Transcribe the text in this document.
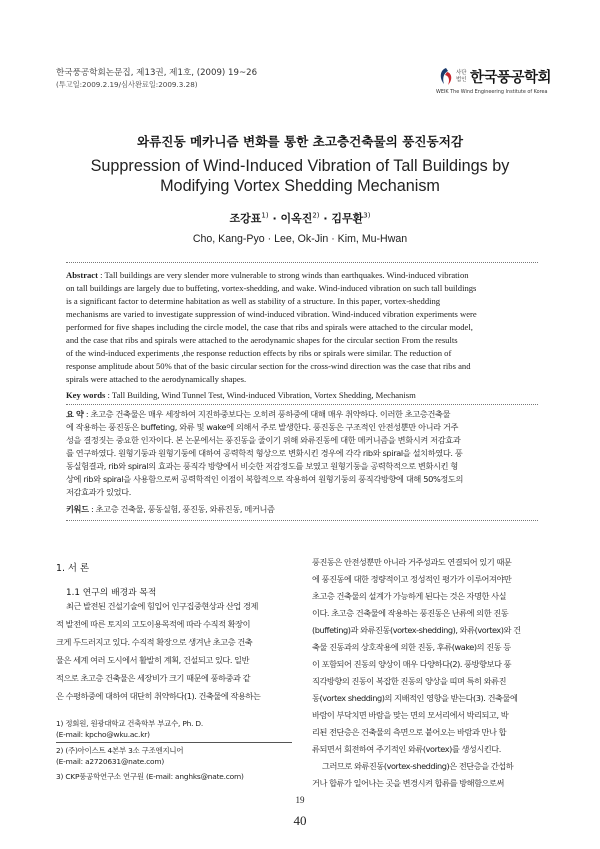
한국풍공학회논문집, 제13권, 제1호, (2009) 19~26
(투고일:2009.2.19/심사완료일:2009.3.28)
사단
법인 한국풍공학회
WEIK The Wind Engineering Institute of Korea
와류진동 메카니즘 변화를 통한 초고층건축물의 풍진동저감
Suppression of Wind-Induced Vibration of Tall Buildings by
Modifying Vortex Shedding Mechanism
조강표$^{1)}$ · 이옥진$^{2)}$ · 김무환$^{3)}$
Cho, Kang-Pyo · Lee, Ok-Jin · Kim, Mu-Hwan
Abstract : Tall buildings are very slender more vulnerable to strong winds than earthquakes. Wind-induced vibration
on tall buildings are largely due to buffeting, vortex-shedding, and wake. Wind-induced vibration on such tall buildings
is a significant factor to determine habitation as well as stability of a structure. In this paper, vortex-shedding
mechanisms are varied to investigate suppression of wind-induced vibration. Wind-induced vibration experiments were
performed for five shapes including the circle model, the case that ribs and spirals were attached to the circular model,
and the case that ribs and spirals were attached to the aerodynamic shapes for the circular section From the results
of the wind-induced experiments ,the response reduction effects by ribs or spirals were similar. The reduction of
response amplitude about 50% that of the basic circular section for the cross-wind direction was the case that ribs and
spirals were attached to the aerodynamically shapes.
Key words : Tall Building, Wind Tunnel Test, Wind-induced Vibration, Vortex Shedding, Mechanism
요 약 : 초고층 건축물은 매우 세장하여 지진하중보다는 오히려 풍하중에 대해 매우 취약하다. 이러한 초고층건축물
에 작용하는 풍진동은 buffeting, 와류 및 wake에 의해서 주로 발생한다. 풍진동은 구조적인 안전성뿐만 아니라 거주
성을 결정짓는 중요한 인자이다. 본 논문에서는 풍진동을 줄이기 위해 와류진동에 대한 메커니즘을 변화시켜 저감효과
를 연구하였다. 원형기둥과 원형기둥에 대하여 공력학적 형상으로 변화시킨 경우에 각각 rib와 spiral을 설치하였다. 풍
동실험결과, rib와 spiral의 효과는 풍직각 방향에서 비슷한 저감정도를 보였고 원형기둥을 공력학적으로 변화시킨 형
상에 rib와 spiral을 사용함으로써 공력학적인 이점이 복합적으로 작용하여 원형기둥의 풍직각방향에 대해 50%정도의
저감효과가 있었다.
키워드 : 초고층 건축물, 풍동실험, 풍진동, 와류진동, 메커니즘
1. 서 론
1.1 연구의 배경과 목적
최근 발전된 건설기술에 힘입어 인구집중현상과 산업 경제
적 발전에 따른 토지의 고도이용목적에 따라 수직적 확장이
크게 두드러지고 있다. 수직적 확장으로 생겨난 초고층 건축
물은 세계 여러 도시에서 활발히 계획, 건설되고 있다. 일반
적으로 초고층 건축물은 세장비가 크기 때문에 풍하중과 같
은 수평하중에 대하여 대단히 취약하다(1). 건축물에 작용하는
1) 정회원, 원광대학교 건축학부 부교수, Ph. D.
(E-mail: kpcho@wku.ac.kr)
2) (주)아이스트 4본부 3소 구조엔지니어
(E-mail: a2720631@nate.com)
3) CKP풍공학연구소 연구원 (E-mail: anghks@nate.com)
풍진동은 안전성뿐만 아니라 거주성과도 연결되어 있기 때문
에 풍진동에 대한 정량적이고 정성적인 평가가 이루어져야만
초고층 건축물의 설계가 가능하게 된다는 것은 자명한 사실
이다. 초고층 건축물에 작용하는 풍진동은 난류에 의한 진동
(buffeting)과 와류진동(vortex-shedding), 와류(vortex)와 건
축물 진동과의 상호작용에 의한 진동, 후류(wake)의 진동 등
이 포함되어 진동의 양상이 매우 다양하다(2). 풍방향보다 풍
직각방향의 진동이 복잡한 진동의 양상을 띠며 특히 와류진
동(vortex shedding)의 지배적인 영향을 받는다(3). 건축물에
바람이 부닥치면 바람을 맞는 면의 모서리에서 박리되고, 박
리된 전단층은 건축물의 측면으로 붙어오는 바람과 만나 합
류되면서 회전하여 주기적인 와류(vortex)를 생성시킨다.
그러므로 와류진동(vortex-shedding)은 전단층을 간섭하
거나 합류가 일어나는 곳을 변경시켜 합류를 방해함으로써
19
40
